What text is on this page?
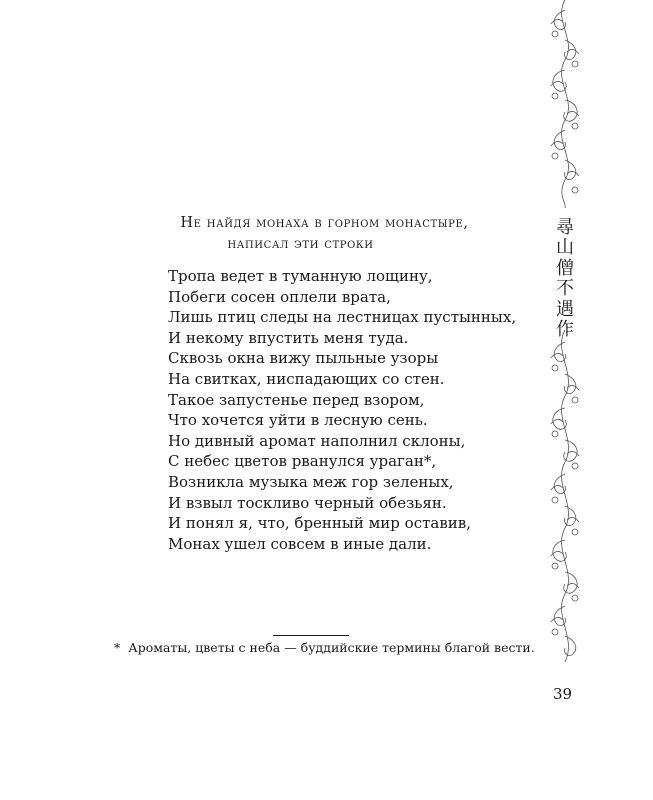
尋
山
僧
不
遇
作
Не найдя монаха в горном монастыре,
написал эти строки
Тропа ведет в туманную лощину,
Побеги сосен оплели врата,
Лишь птиц следы на лестницах пустынных,
И некому впустить меня туда.
Сквозь окна вижу пыльные узоры
На свитках, ниспадающих со стен.
Такое запустенье перед взором,
Что хочется уйти в лесную сень.
Но дивный аромат наполнил склоны,
С небес цветов рванулся ураган*,
Возникла музыка меж гор зеленых,
И взвыл тоскливо черный обезьян.
И понял я, что, бренный мир оставив,
Монах ушел совсем в иные дали.
* Ароматы, цветы с неба — буддийские термины благой вести.
39
